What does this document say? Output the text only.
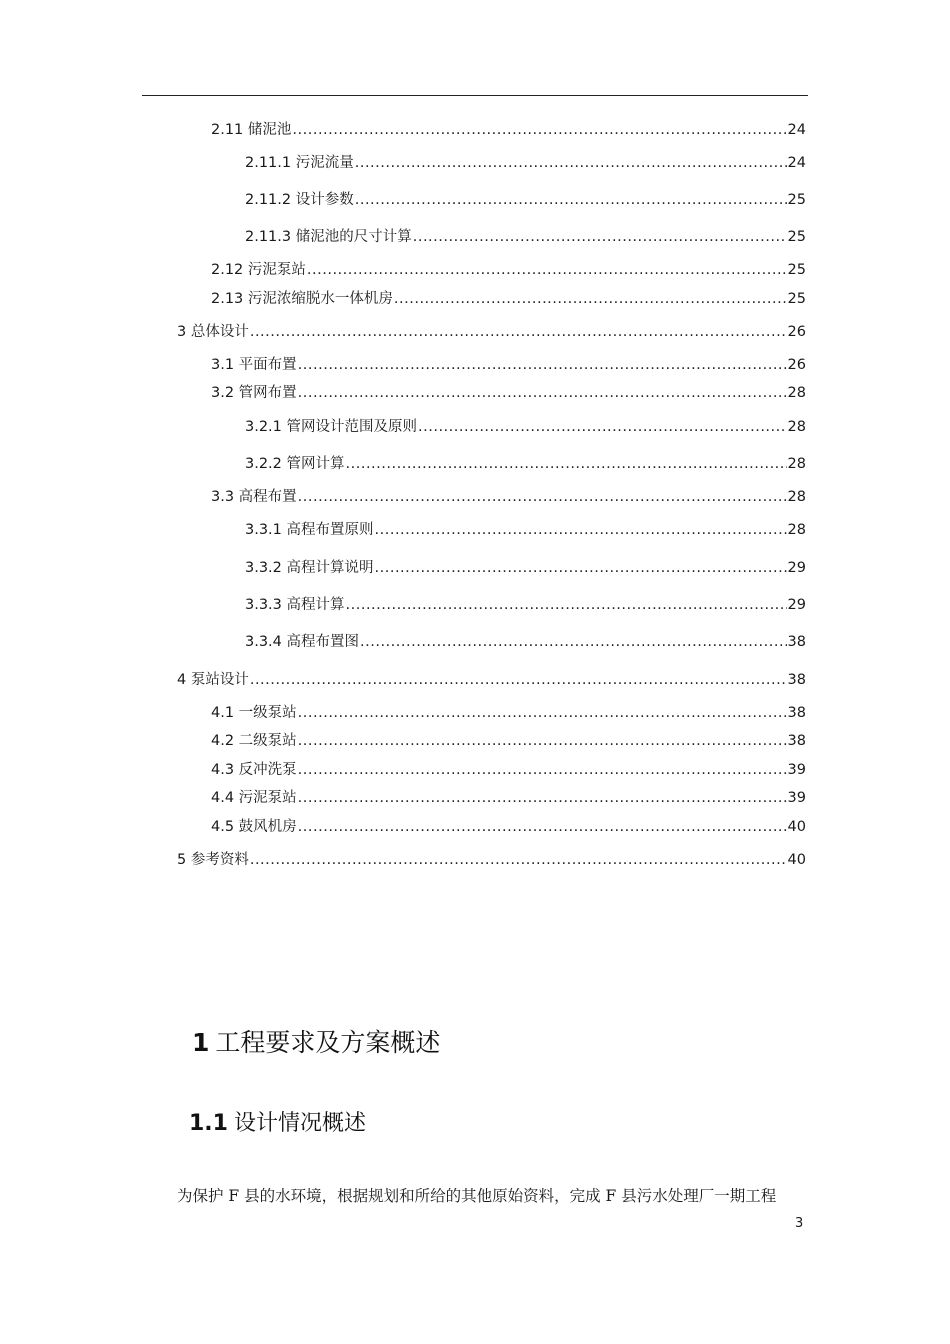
2.11 储泥池 .....	24
2.11.1 污泥流量 .....	24
2.11.2 设计参数 .....	25
2.11.3 储泥池的尺寸计算 .....	25
2.12 污泥泵站 .....	25
2.13 污泥浓缩脱水一体机房 .....	25
3 总体设计 .....	26
3.1 平面布置 .....	26
3.2 管网布置 .....	28
3.2.1 管网设计范围及原则 .....	28
3.2.2 管网计算 .....	28
3.3 高程布置 .....	28
3.3.1 高程布置原则 .....	28
3.3.2 高程计算说明 .....	29
3.3.3 高程计算 .....	29
3.3.4 高程布置图 .....	38
4 泵站设计 .....	38
4.1 一级泵站 .....	38
4.2 二级泵站 .....	38
4.3 反冲洗泵 .....	39
4.4 污泥泵站 .....	39
4.5 鼓风机房 .....	40
5 参考资料 .....	40
1 工程要求及方案概述
1.1 设计情况概述
为保护 F 县的水环境，根据规划和所给的其他原始资料，完成 F 县污水处理厂一期工程
3
